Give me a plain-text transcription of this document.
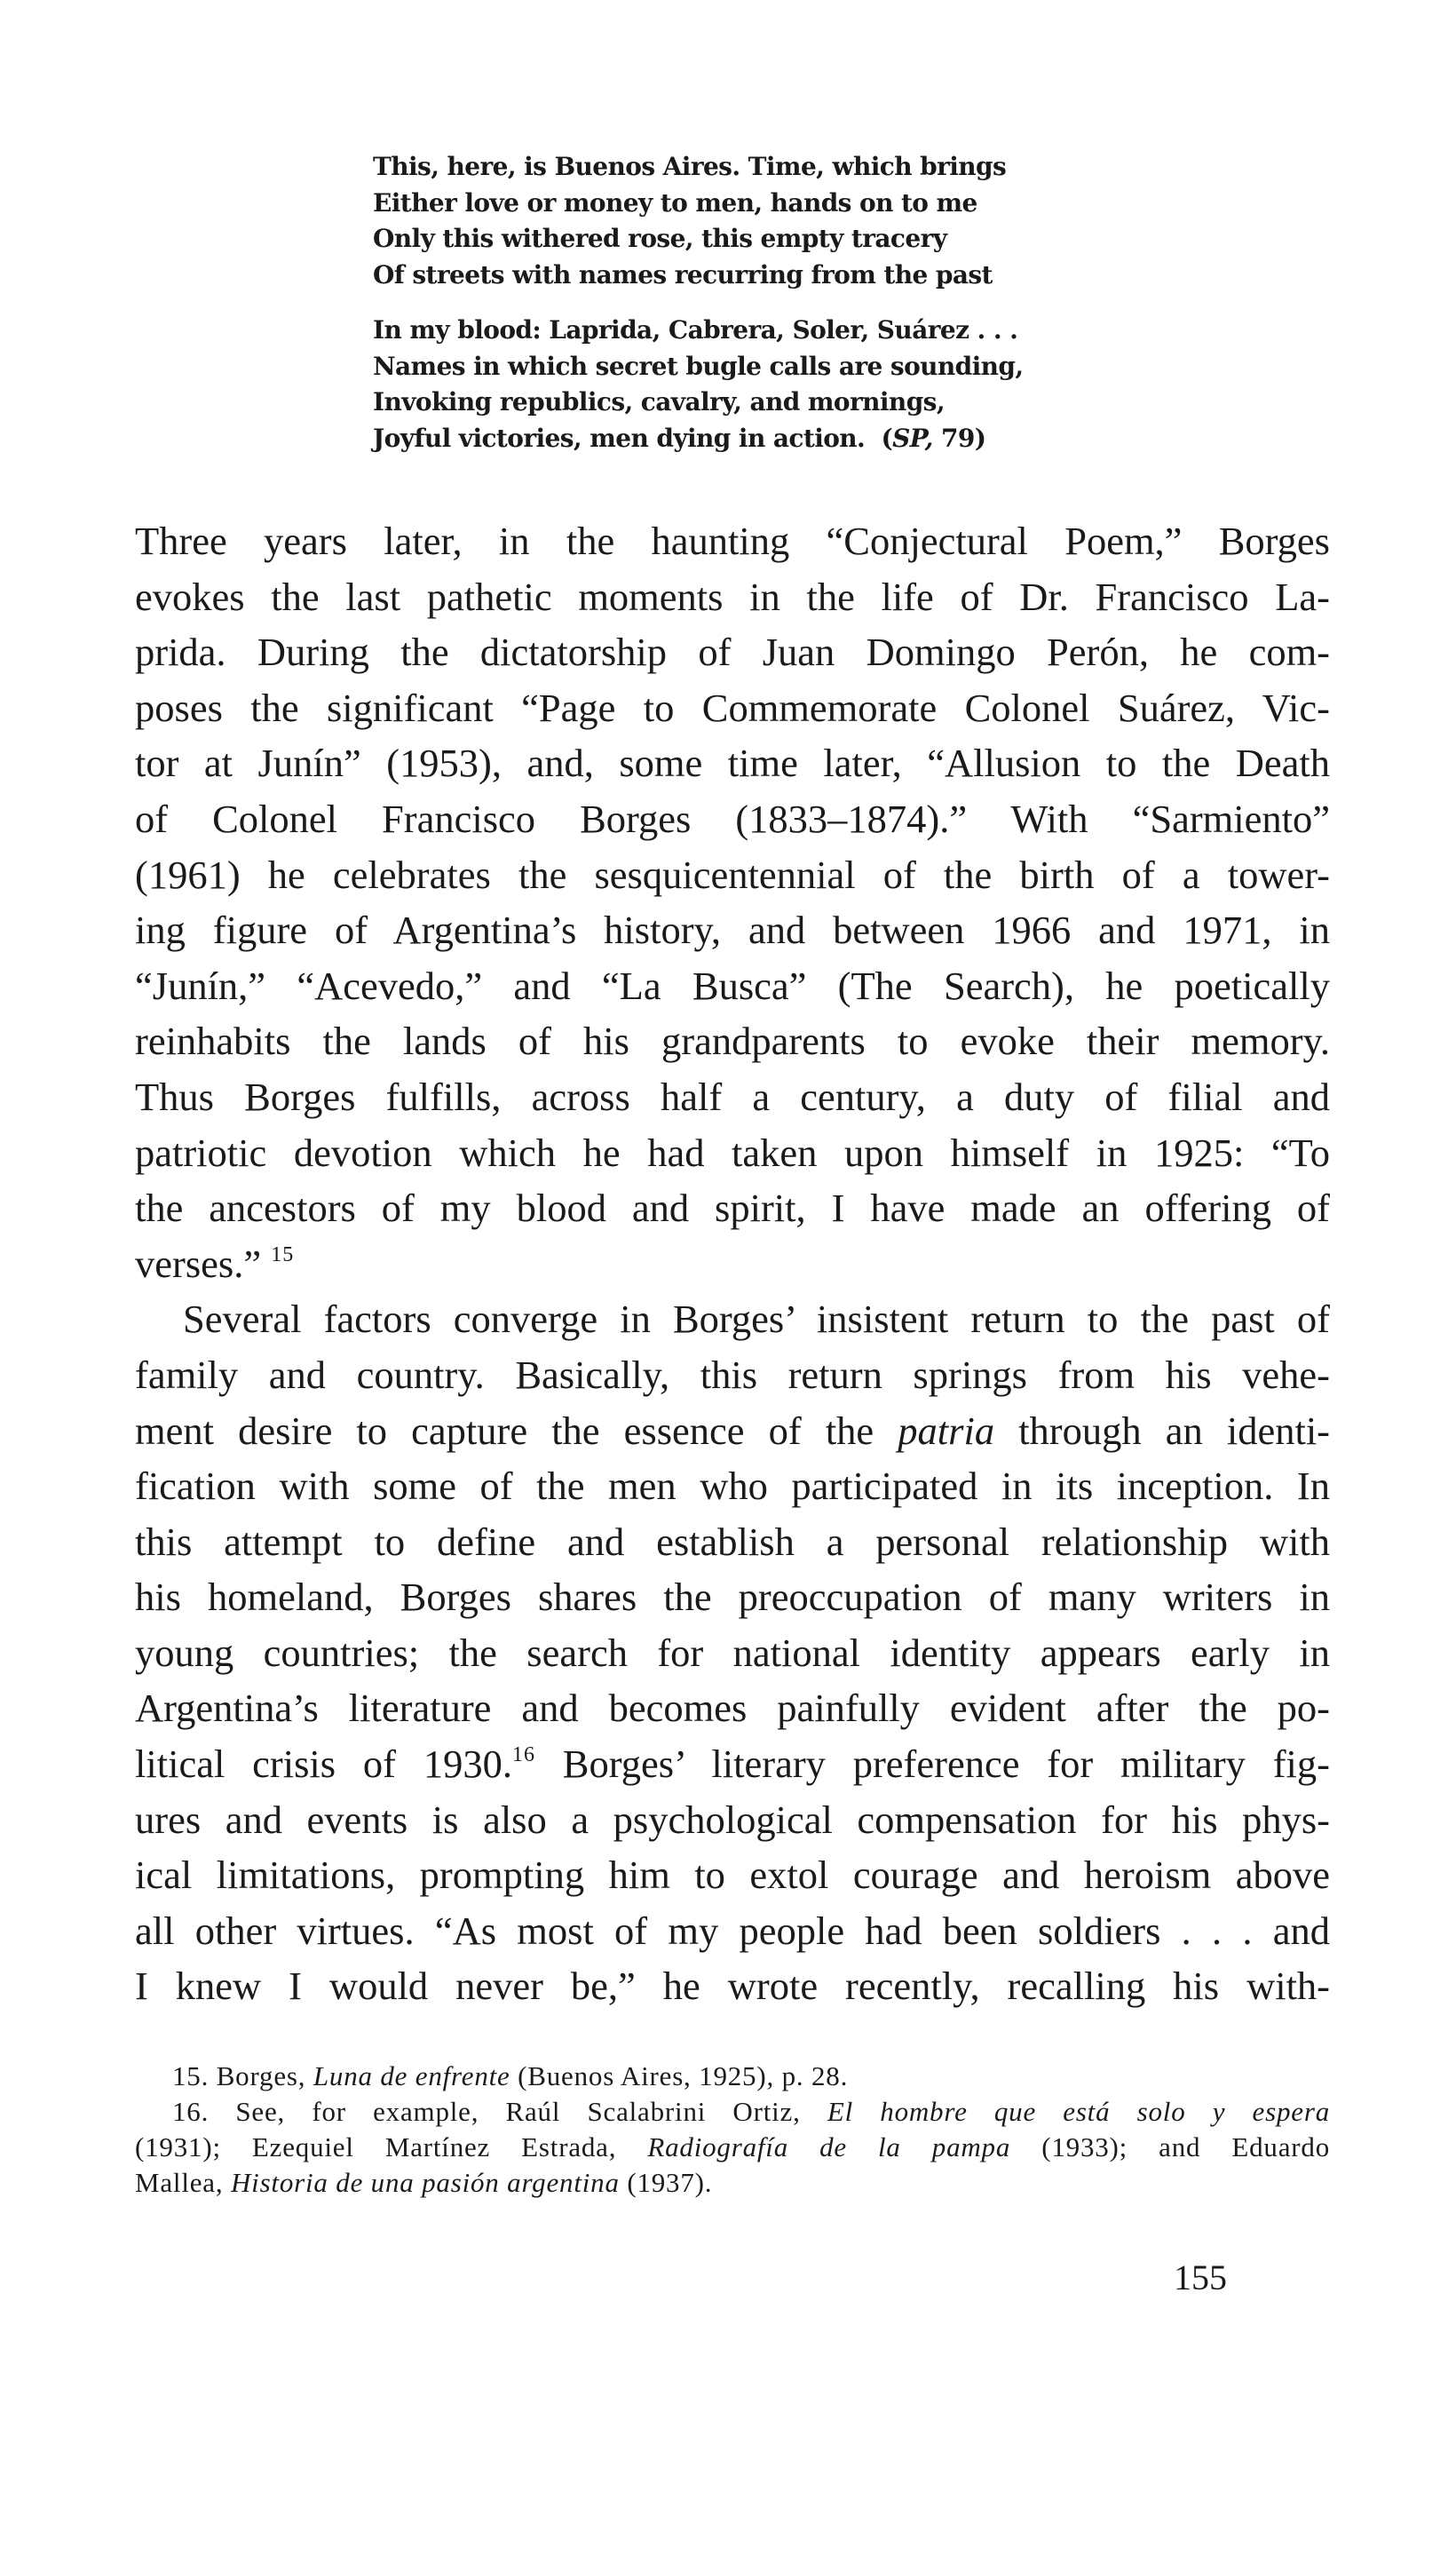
This, here, is Buenos Aires. Time, which brings
Either love or money to men, hands on to me
Only this withered rose, this empty tracery
Of streets with names recurring from the past
In my blood: Laprida, Cabrera, Soler, Suárez . . .
Names in which secret bugle calls are sounding,
Invoking republics, cavalry, and mornings,
Joyful victories, men dying in action. (SP, 79)
Three years later, in the haunting “Conjectural Poem,” Borges
evokes the last pathetic moments in the life of Dr. Francisco La-
prida. During the dictatorship of Juan Domingo Perón, he com-
poses the significant “Page to Commemorate Colonel Suárez, Vic-
tor at Junín” (1953), and, some time later, “Allusion to the Death
of Colonel Francisco Borges (1833–1874).” With “Sarmiento”
(1961) he celebrates the sesquicentennial of the birth of a tower-
ing figure of Argentina’s history, and between 1966 and 1971, in
“Junín,” “Acevedo,” and “La Busca” (The Search), he poetically
reinhabits the lands of his grandparents to evoke their memory.
Thus Borges fulfills, across half a century, a duty of filial and
patriotic devotion which he had taken upon himself in 1925: “To
the ancestors of my blood and spirit, I have made an offering of
verses.” $^{15}$
Several factors converge in Borges’ insistent return to the past of
family and country. Basically, this return springs from his vehe-
ment desire to capture the essence of the patria through an identi-
fication with some of the men who participated in its inception. In
this attempt to define and establish a personal relationship with
his homeland, Borges shares the preoccupation of many writers in
young countries; the search for national identity appears early in
Argentina’s literature and becomes painfully evident after the po-
litical crisis of 1930.16 Borges’ literary preference for military fig-
ures and events is also a psychological compensation for his phys-
ical limitations, prompting him to extol courage and heroism above
all other virtues. “As most of my people had been soldiers . . . and
I knew I would never be,” he wrote recently, recalling his with-
15. Borges, Luna de enfrente (Buenos Aires, 1925), p. 28.
16. See, for example, Raúl Scalabrini Ortiz, El hombre que está solo y espera
(1931); Ezequiel Martínez Estrada, Radiografía de la pampa (1933); and Eduardo
Mallea, Historia de una pasión argentina (1937).
155
